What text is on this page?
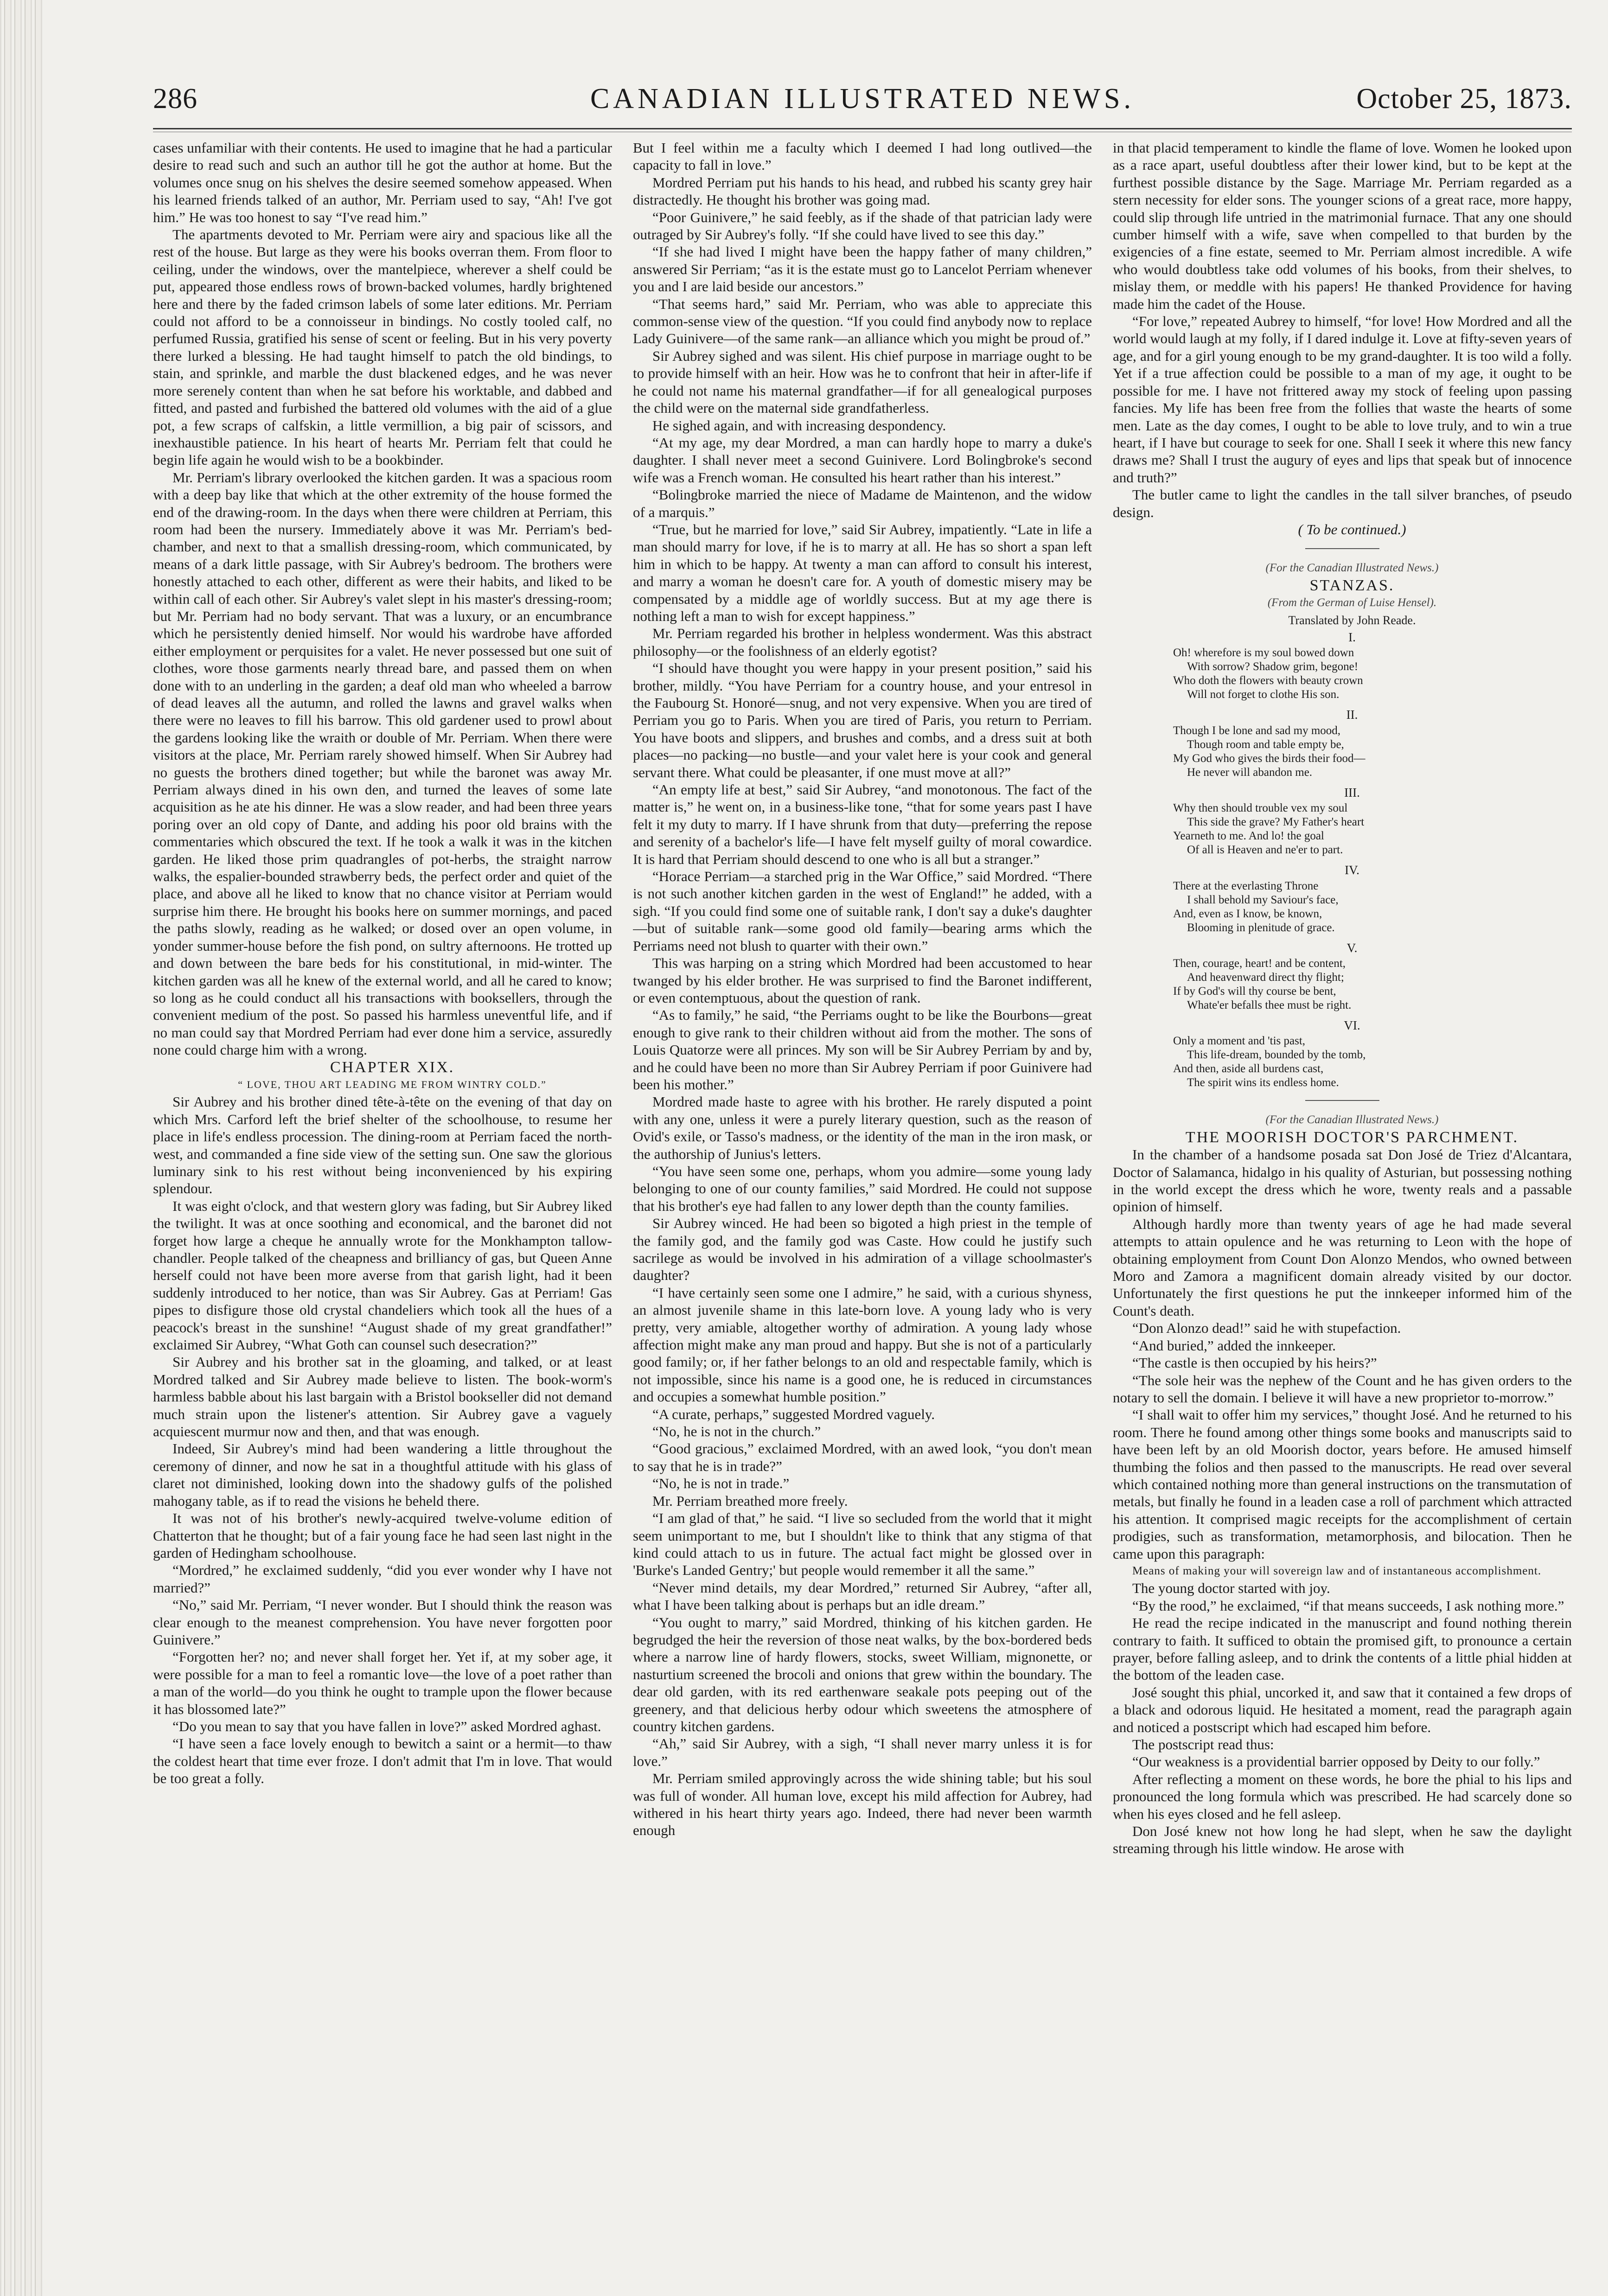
286	CANADIAN ILLUSTRATED NEWS.	October 25, 1873.

cases unfamiliar with their contents. He used to imagine that he had a particular desire to read such and such an author till he got the author at home. But the volumes once snug on his shelves the desire seemed somehow appeased. When his learned friends talked of an author, Mr. Perriam used to say, “Ah! I've got him.” He was too honest to say “I've read him.”

The apartments devoted to Mr. Perriam were airy and spacious like all the rest of the house. But large as they were his books overran them. From floor to ceiling, under the windows, over the mantelpiece, wherever a shelf could be put, appeared those endless rows of brown-backed volumes, hardly brightened here and there by the faded crimson labels of some later editions. Mr. Perriam could not afford to be a connoisseur in bindings. No costly tooled calf, no perfumed Russia, gratified his sense of scent or feeling. But in his very poverty there lurked a blessing. He had taught himself to patch the old bindings, to stain, and sprinkle, and marble the dust blackened edges, and he was never more serenely content than when he sat before his worktable, and dabbed and fitted, and pasted and furbished the battered old volumes with the aid of a glue pot, a few scraps of calfskin, a little vermillion, a big pair of scissors, and inexhaustible patience. In his heart of hearts Mr. Perriam felt that could he begin life again he would wish to be a bookbinder.

Mr. Perriam's library overlooked the kitchen garden. It was a spacious room with a deep bay like that which at the other extremity of the house formed the end of the drawing-room. In the days when there were children at Perriam, this room had been the nursery. Immediately above it was Mr. Perriam's bed-chamber, and next to that a smallish dressing-room, which communicated, by means of a dark little passage, with Sir Aubrey's bedroom. The brothers were honestly attached to each other, different as were their habits, and liked to be within call of each other. Sir Aubrey's valet slept in his master's dressing-room; but Mr. Perriam had no body servant. That was a luxury, or an encumbrance which he persistently denied himself. Nor would his wardrobe have afforded either employment or perquisites for a valet. He never possessed but one suit of clothes, wore those garments nearly thread bare, and passed them on when done with to an underling in the garden; a deaf old man who wheeled a barrow of dead leaves all the autumn, and rolled the lawns and gravel walks when there were no leaves to fill his barrow. This old gardener used to prowl about the gardens looking like the wraith or double of Mr. Perriam. When there were visitors at the place, Mr. Perriam rarely showed himself. When Sir Aubrey had no guests the brothers dined together; but while the baronet was away Mr. Perriam always dined in his own den, and turned the leaves of some late acquisition as he ate his dinner. He was a slow reader, and had been three years poring over an old copy of Dante, and adding his poor old brains with the commentaries which obscured the text. If he took a walk it was in the kitchen garden. He liked those prim quadrangles of pot-herbs, the straight narrow walks, the espalier-bounded strawberry beds, the perfect order and quiet of the place, and above all he liked to know that no chance visitor at Perriam would surprise him there. He brought his books here on summer mornings, and paced the paths slowly, reading as he walked; or dosed over an open volume, in yonder summer-house before the fish pond, on sultry afternoons. He trotted up and down between the bare beds for his constitutional, in mid-winter. The kitchen garden was all he knew of the external world, and all he cared to know; so long as he could conduct all his transactions with booksellers, through the convenient medium of the post. So passed his harmless uneventful life, and if no man could say that Mordred Perriam had ever done him a service, assuredly none could charge him with a wrong.

CHAPTER XIX.

“ LOVE, THOU ART LEADING ME FROM WINTRY COLD.”

Sir Aubrey and his brother dined tête-à-tête on the evening of that day on which Mrs. Carford left the brief shelter of the schoolhouse, to resume her place in life's endless procession. The dining-room at Perriam faced the north-west, and commanded a fine side view of the setting sun. One saw the glorious luminary sink to his rest without being inconvenienced by his expiring splendour.

It was eight o'clock, and that western glory was fading, but Sir Aubrey liked the twilight. It was at once soothing and economical, and the baronet did not forget how large a cheque he annually wrote for the Monkhampton tallow-chandler. People talked of the cheapness and brilliancy of gas, but Queen Anne herself could not have been more averse from that garish light, had it been suddenly introduced to her notice, than was Sir Aubrey. Gas at Perriam! Gas pipes to disfigure those old crystal chandeliers which took all the hues of a peacock's breast in the sunshine! “August shade of my great grandfather!” exclaimed Sir Aubrey, “What Goth can counsel such desecration?”

Sir Aubrey and his brother sat in the gloaming, and talked, or at least Mordred talked and Sir Aubrey made believe to listen. The book-worm's harmless babble about his last bargain with a Bristol bookseller did not demand much strain upon the listener's attention. Sir Aubrey gave a vaguely acquiescent murmur now and then, and that was enough.

Indeed, Sir Aubrey's mind had been wandering a little throughout the ceremony of dinner, and now he sat in a thoughtful attitude with his glass of claret not diminished, looking down into the shadowy gulfs of the polished mahogany table, as if to read the visions he beheld there.

It was not of his brother's newly-acquired twelve-volume edition of Chatterton that he thought; but of a fair young face he had seen last night in the garden of Hedingham schoolhouse.

“Mordred,” he exclaimed suddenly, “did you ever wonder why I have not married?”

“No,” said Mr. Perriam, “I never wonder. But I should think the reason was clear enough to the meanest comprehension. You have never forgotten poor Guinivere.”

“Forgotten her? no; and never shall forget her. Yet if, at my sober age, it were possible for a man to feel a romantic love—the love of a poet rather than a man of the world—do you think he ought to trample upon the flower because it has blossomed late?”

“Do you mean to say that you have fallen in love?” asked Mordred aghast.

“I have seen a face lovely enough to bewitch a saint or a hermit—to thaw the coldest heart that time ever froze. I don't admit that I'm in love. That would be too great a folly.

But I feel within me a faculty which I deemed I had long outlived—the capacity to fall in love.”

Mordred Perriam put his hands to his head, and rubbed his scanty grey hair distractedly. He thought his brother was going mad.

“Poor Guinivere,” he said feebly, as if the shade of that patrician lady were outraged by Sir Aubrey's folly. “If she could have lived to see this day.”

“If she had lived I might have been the happy father of many children,” answered Sir Perriam; “as it is the estate must go to Lancelot Perriam whenever you and I are laid beside our ancestors.”

“That seems hard,” said Mr. Perriam, who was able to appreciate this common-sense view of the question. “If you could find anybody now to replace Lady Guinivere—of the same rank—an alliance which you might be proud of.”

Sir Aubrey sighed and was silent. His chief purpose in marriage ought to be to provide himself with an heir. How was he to confront that heir in after-life if he could not name his maternal grandfather—if for all genealogical purposes the child were on the maternal side grandfatherless.

He sighed again, and with increasing despondency.

“At my age, my dear Mordred, a man can hardly hope to marry a duke's daughter. I shall never meet a second Guinivere. Lord Bolingbroke's second wife was a French woman. He consulted his heart rather than his interest.”

“Bolingbroke married the niece of Madame de Maintenon, and the widow of a marquis.”

“True, but he married for love,” said Sir Aubrey, impatiently. “Late in life a man should marry for love, if he is to marry at all. He has so short a span left him in which to be happy. At twenty a man can afford to consult his interest, and marry a woman he doesn't care for. A youth of domestic misery may be compensated by a middle age of worldly success. But at my age there is nothing left a man to wish for except happiness.”

Mr. Perriam regarded his brother in helpless wonderment. Was this abstract philosophy—or the foolishness of an elderly egotist?

“I should have thought you were happy in your present position,” said his brother, mildly. “You have Perriam for a country house, and your entresol in the Faubourg St. Honoré—snug, and not very expensive. When you are tired of Perriam you go to Paris. When you are tired of Paris, you return to Perriam. You have boots and slippers, and brushes and combs, and a dress suit at both places—no packing—no bustle—and your valet here is your cook and general servant there. What could be pleasanter, if one must move at all?”

“An empty life at best,” said Sir Aubrey, “and monotonous. The fact of the matter is,” he went on, in a business-like tone, “that for some years past I have felt it my duty to marry. If I have shrunk from that duty—preferring the repose and serenity of a bachelor's life—I have felt myself guilty of moral cowardice. It is hard that Perriam should descend to one who is all but a stranger.”

“Horace Perriam—a starched prig in the War Office,” said Mordred. “There is not such another kitchen garden in the west of England!” he added, with a sigh. “If you could find some one of suitable rank, I don't say a duke's daughter—but of suitable rank—some good old family—bearing arms which the Perriams need not blush to quarter with their own.”

This was harping on a string which Mordred had been accustomed to hear twanged by his elder brother. He was surprised to find the Baronet indifferent, or even contemptuous, about the question of rank.

“As to family,” he said, “the Perriams ought to be like the Bourbons—great enough to give rank to their children without aid from the mother. The sons of Louis Quatorze were all princes. My son will be Sir Aubrey Perriam by and by, and he could have been no more than Sir Aubrey Perriam if poor Guinivere had been his mother.”

Mordred made haste to agree with his brother. He rarely disputed a point with any one, unless it were a purely literary question, such as the reason of Ovid's exile, or Tasso's madness, or the identity of the man in the iron mask, or the authorship of Junius's letters.

“You have seen some one, perhaps, whom you admire—some young lady belonging to one of our county families,” said Mordred. He could not suppose that his brother's eye had fallen to any lower depth than the county families.

Sir Aubrey winced. He had been so bigoted a high priest in the temple of the family god, and the family god was Caste. How could he justify such sacrilege as would be involved in his admiration of a village schoolmaster's daughter?

“I have certainly seen some one I admire,” he said, with a curious shyness, an almost juvenile shame in this late-born love. A young lady who is very pretty, very amiable, altogether worthy of admiration. A young lady whose affection might make any man proud and happy. But she is not of a particularly good family; or, if her father belongs to an old and respectable family, which is not impossible, since his name is a good one, he is reduced in circumstances and occupies a somewhat humble position.”

“A curate, perhaps,” suggested Mordred vaguely.

“No, he is not in the church.”

“Good gracious,” exclaimed Mordred, with an awed look, “you don't mean to say that he is in trade?”

“No, he is not in trade.”

Mr. Perriam breathed more freely.

“I am glad of that,” he said. “I live so secluded from the world that it might seem unimportant to me, but I shouldn't like to think that any stigma of that kind could attach to us in future. The actual fact might be glossed over in 'Burke's Landed Gentry;' but people would remember it all the same.”

“Never mind details, my dear Mordred,” returned Sir Aubrey, “after all, what I have been talking about is perhaps but an idle dream.”

“You ought to marry,” said Mordred, thinking of his kitchen garden. He begrudged the heir the reversion of those neat walks, by the box-bordered beds where a narrow line of hardy flowers, stocks, sweet William, mignonette, or nasturtium screened the brocoli and onions that grew within the boundary. The dear old garden, with its red earthenware seakale pots peeping out of the greenery, and that delicious herby odour which sweetens the atmosphere of country kitchen gardens.

“Ah,” said Sir Aubrey, with a sigh, “I shall never marry unless it is for love.”

Mr. Perriam smiled approvingly across the wide shining table; but his soul was full of wonder. All human love, except his mild affection for Aubrey, had withered in his heart thirty years ago. Indeed, there had never been warmth enough

in that placid temperament to kindle the flame of love. Women he looked upon as a race apart, useful doubtless after their lower kind, but to be kept at the furthest possible distance by the Sage. Marriage Mr. Perriam regarded as a stern necessity for elder sons. The younger scions of a great race, more happy, could slip through life untried in the matrimonial furnace. That any one should cumber himself with a wife, save when compelled to that burden by the exigencies of a fine estate, seemed to Mr. Perriam almost incredible. A wife who would doubtless take odd volumes of his books, from their shelves, to mislay them, or meddle with his papers! He thanked Providence for having made him the cadet of the House.

“For love,” repeated Aubrey to himself, “for love! How Mordred and all the world would laugh at my folly, if I dared indulge it. Love at fifty-seven years of age, and for a girl young enough to be my grand-daughter. It is too wild a folly. Yet if a true affection could be possible to a man of my age, it ought to be possible for me. I have not frittered away my stock of feeling upon passing fancies. My life has been free from the follies that waste the hearts of some men. Late as the day comes, I ought to be able to love truly, and to win a true heart, if I have but courage to seek for one. Shall I seek it where this new fancy draws me? Shall I trust the augury of eyes and lips that speak but of innocence and truth?”

The butler came to light the candles in the tall silver branches, of pseudo design.

( To be continued.)

(For the Canadian Illustrated News.)

STANZAS.

(From the German of Luise Hensel).

Translated by John Reade.

I.

Oh! wherefore is my soul bowed down
With sorrow? Shadow grim, begone!
Who doth the flowers with beauty crown
Will not forget to clothe His son.

II.

Though I be lone and sad my mood,
Though room and table empty be,
My God who gives the birds their food—
He never will abandon me.

III.

Why then should trouble vex my soul
This side the grave? My Father's heart
Yearneth to me. And lo! the goal
Of all is Heaven and ne'er to part.

IV.

There at the everlasting Throne
I shall behold my Saviour's face,
And, even as I know, be known,
Blooming in plenitude of grace.

V.

Then, courage, heart! and be content,
And heavenward direct thy flight;
If by God's will thy course be bent,
Whate'er befalls thee must be right.

VI.

Only a moment and 'tis past,
This life-dream, bounded by the tomb,
And then, aside all burdens cast,
The spirit wins its endless home.

(For the Canadian Illustrated News.)

THE MOORISH DOCTOR'S PARCHMENT.

In the chamber of a handsome posada sat Don José de Triez d'Alcantara, Doctor of Salamanca, hidalgo in his quality of Asturian, but possessing nothing in the world except the dress which he wore, twenty reals and a passable opinion of himself.

Although hardly more than twenty years of age he had made several attempts to attain opulence and he was returning to Leon with the hope of obtaining employment from Count Don Alonzo Mendos, who owned between Moro and Zamora a magnificent domain already visited by our doctor. Unfortunately the first questions he put the innkeeper informed him of the Count's death.

“Don Alonzo dead!” said he with stupefaction.

“And buried,” added the innkeeper.

“The castle is then occupied by his heirs?”

“The sole heir was the nephew of the Count and he has given orders to the notary to sell the domain. I believe it will have a new proprietor to-morrow.”

“I shall wait to offer him my services,” thought José. And he returned to his room. There he found among other things some books and manuscripts said to have been left by an old Moorish doctor, years before. He amused himself thumbing the folios and then passed to the manuscripts. He read over several which contained nothing more than general instructions on the transmutation of metals, but finally he found in a leaden case a roll of parchment which attracted his attention. It comprised magic receipts for the accomplishment of certain prodigies, such as transformation, metamorphosis, and bilocation. Then he came upon this paragraph:

Means of making your will sovereign law and of instantaneous accomplishment.

The young doctor started with joy.

“By the rood,” he exclaimed, “if that means succeeds, I ask nothing more.”

He read the recipe indicated in the manuscript and found nothing therein contrary to faith. It sufficed to obtain the promised gift, to pronounce a certain prayer, before falling asleep, and to drink the contents of a little phial hidden at the bottom of the leaden case.

José sought this phial, uncorked it, and saw that it contained a few drops of a black and odorous liquid. He hesitated a moment, read the paragraph again and noticed a postscript which had escaped him before.

The postscript read thus:

“Our weakness is a providential barrier opposed by Deity to our folly.”

After reflecting a moment on these words, he bore the phial to his lips and pronounced the long formula which was prescribed. He had scarcely done so when his eyes closed and he fell asleep.

Don José knew not how long he had slept, when he saw the daylight streaming through his little window. He arose with
